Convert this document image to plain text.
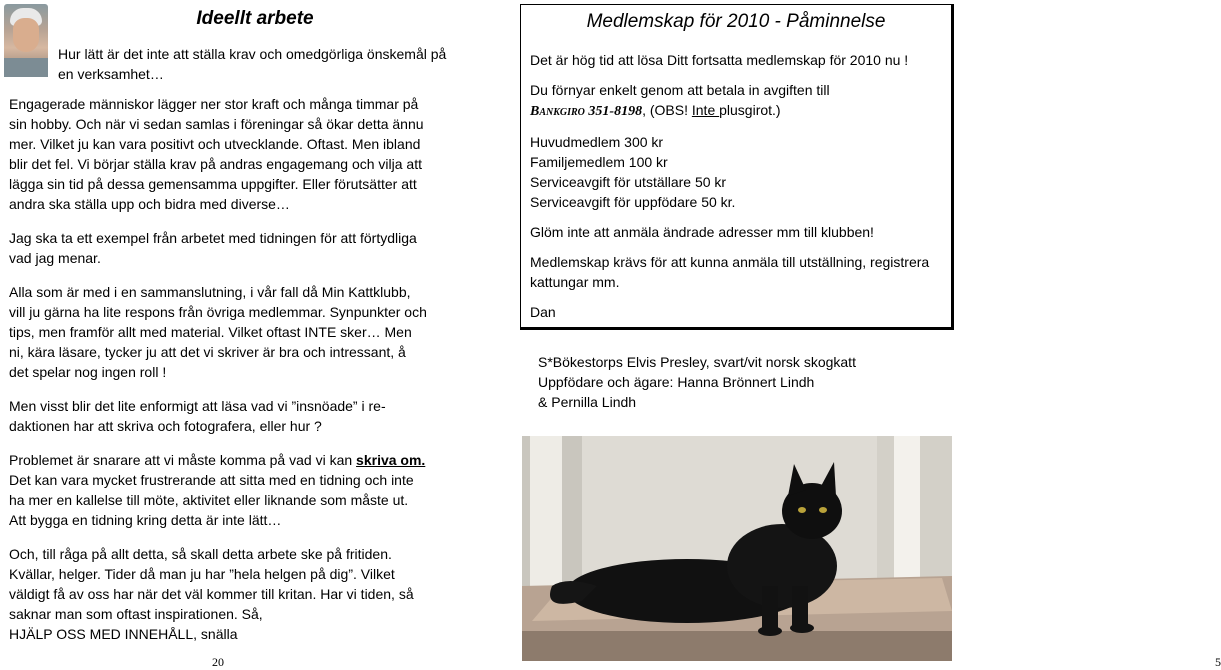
Ideellt arbete
Hur lätt är det inte att ställa krav och omedgörliga önskemål på en verksamhet…

Engagerade människor lägger ner stor kraft och många timmar på sin hobby. Och när vi sedan samlas i föreningar så ökar detta ännu mer. Vilket ju kan vara positivt och utvecklande. Oftast. Men ibland blir det fel. Vi börjar ställa krav på andras engagemang och vilja att lägga sin tid på dessa gemensamma uppgifter. Eller förutsätter att andra ska ställa upp och bidra med diverse…

Jag ska ta ett exempel från arbetet med tidningen för att förtydliga vad jag menar.

Alla som är med i en sammanslutning, i vår fall då Min Kattklubb, vill ju gärna ha lite respons från övriga medlemmar. Synpunkter och tips, men framför allt med material. Vilket oftast INTE sker… Men ni, kära läsare, tycker ju att det vi skriver är bra och intressant, å det spelar nog ingen roll !

Men visst blir det lite enformigt att läsa vad vi ”insnöade” i redaktionen har att skriva och fotografera, eller hur ?

Problemet är snarare att vi måste komma på vad vi kan skriva om. Det kan vara mycket frustrerande att sitta med en tidning och inte ha mer en kallelse till möte, aktivitet eller liknande som måste ut. Att bygga en tidning kring detta är inte lätt…

Och, till råga på allt detta, så skall detta arbete ske på fritiden. Kvällar, helger. Tider då man ju har ”hela helgen på dig”. Vilket väldigt få av oss har när det väl kommer till kritan. Har vi tiden, så saknar man som oftast inspirationen. Så,
HJÄLP OSS MED INNEHÅLL, snälla

20
Medlemskap för 2010 - Påminnelse

Det är hög tid att lösa Ditt fortsatta medlemskap för 2010 nu !

Du förnyar enkelt genom att betala in avgiften till
Bankgiro 351-8198, (OBS! Inte plusgirot.)

Huvudmedlem 300 kr
Familjemedlem 100 kr
Serviceavgift för utställare 50 kr
Serviceavgift för uppfödare 50 kr.

Glöm inte att anmäla ändrade adresser mm till klubben!

Medlemskap krävs för att kunna anmäla till utställning, registrera kattungar mm.

Dan

S*Bökestorps Elvis Presley, svart/vit norsk skogkatt
Uppfödare och ägare: Hanna Brönnert Lindh
& Pernilla Lindh
5
